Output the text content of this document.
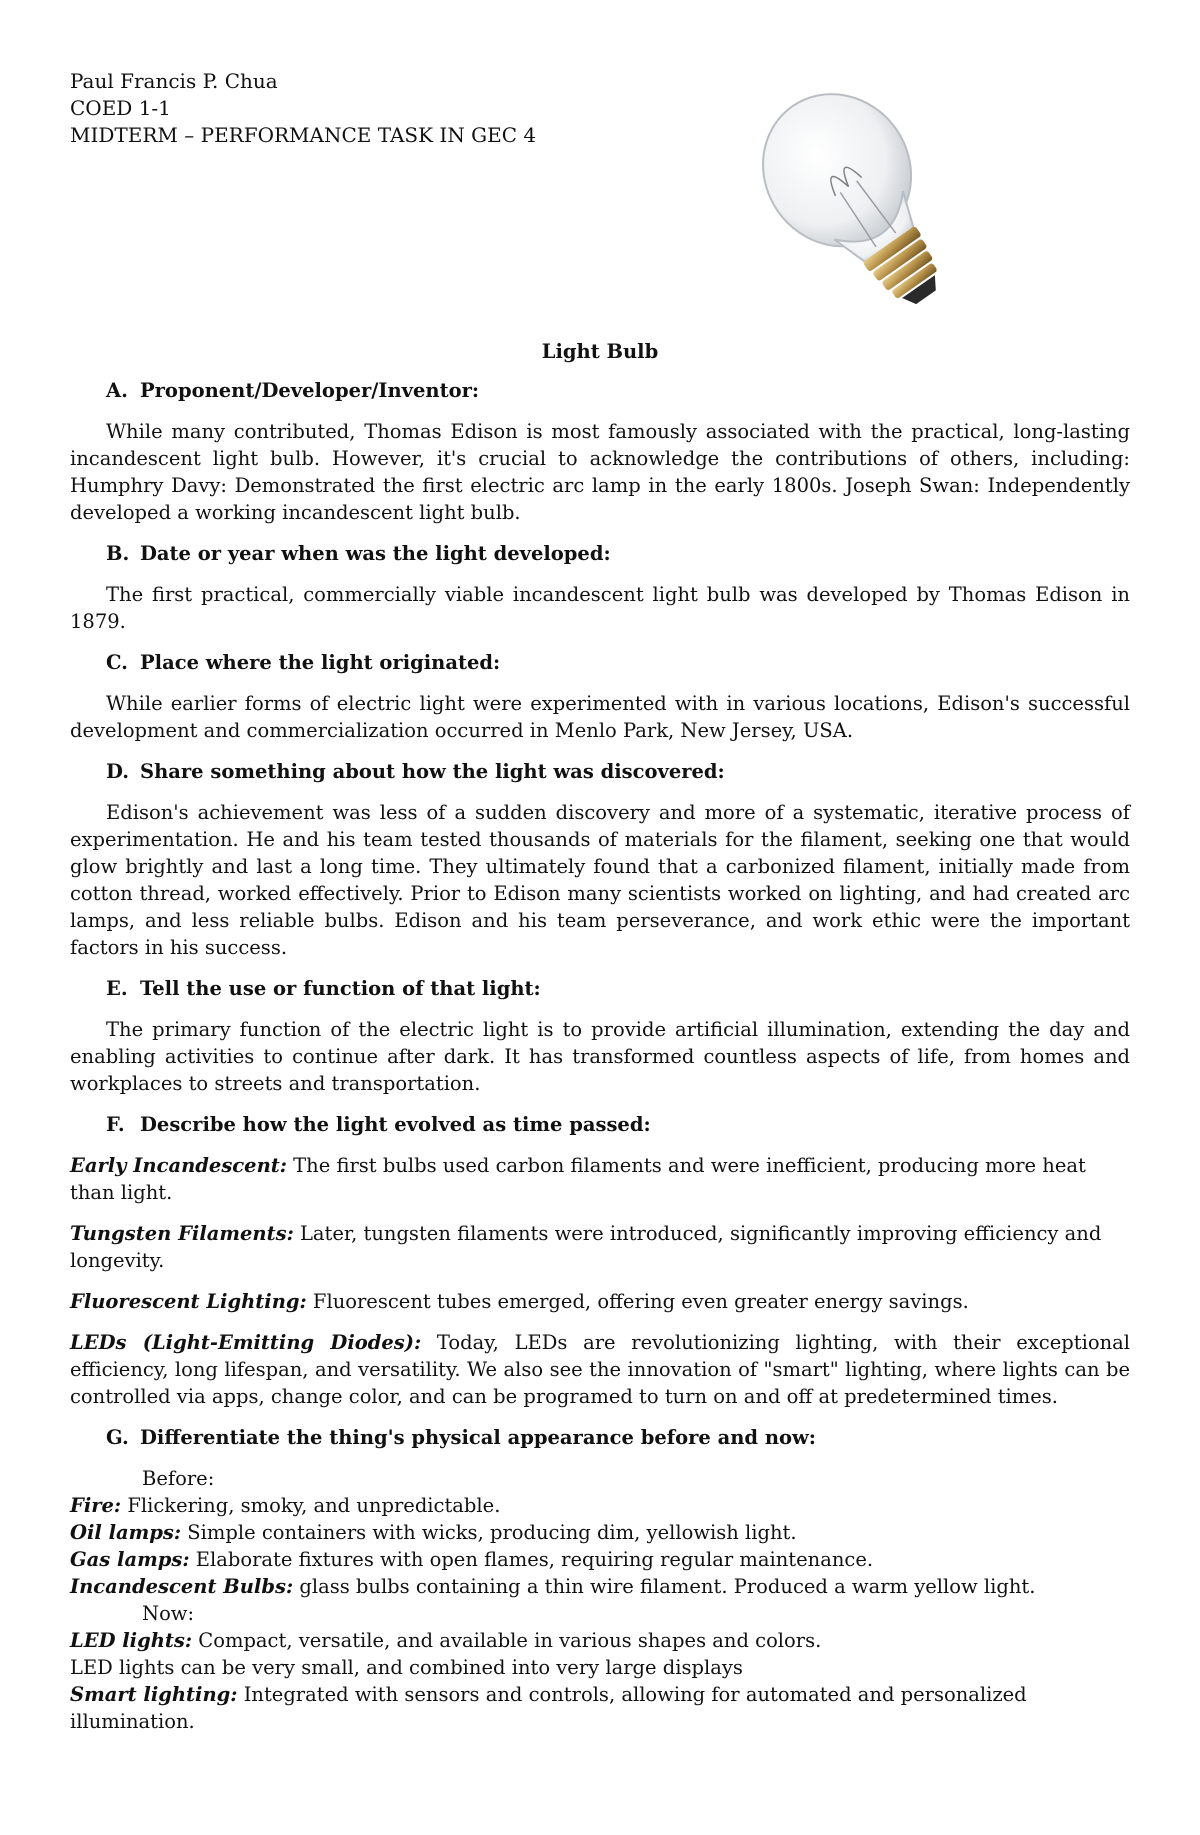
Paul Francis P. Chua
COED 1-1
MIDTERM – PERFORMANCE TASK IN GEC 4
Light Bulb
A. Proponent/Developer/Inventor:

While many contributed, Thomas Edison is most famously associated with the practical, long-lasting incandescent light bulb. However, it's crucial to acknowledge the contributions of others, including: Humphry Davy: Demonstrated the first electric arc lamp in the early 1800s. Joseph Swan: Independently developed a working incandescent light bulb.

B. Date or year when was the light developed:

The first practical, commercially viable incandescent light bulb was developed by Thomas Edison in 1879.

C. Place where the light originated:

While earlier forms of electric light were experimented with in various locations, Edison's successful development and commercialization occurred in Menlo Park, New Jersey, USA.

D. Share something about how the light was discovered:

Edison's achievement was less of a sudden discovery and more of a systematic, iterative process of experimentation. He and his team tested thousands of materials for the filament, seeking one that would glow brightly and last a long time. They ultimately found that a carbonized filament, initially made from cotton thread, worked effectively. Prior to Edison many scientists worked on lighting, and had created arc lamps, and less reliable bulbs. Edison and his team perseverance, and work ethic were the important factors in his success.

E. Tell the use or function of that light:

The primary function of the electric light is to provide artificial illumination, extending the day and enabling activities to continue after dark. It has transformed countless aspects of life, from homes and workplaces to streets and transportation.

F. Describe how the light evolved as time passed:

Early Incandescent: The first bulbs used carbon filaments and were inefficient, producing more heat than light.

Tungsten Filaments: Later, tungsten filaments were introduced, significantly improving efficiency and longevity.

Fluorescent Lighting: Fluorescent tubes emerged, offering even greater energy savings.

LEDs (Light-Emitting Diodes): Today, LEDs are revolutionizing lighting, with their exceptional efficiency, long lifespan, and versatility. We also see the innovation of "smart" lighting, where lights can be controlled via apps, change color, and can be programed to turn on and off at predetermined times.

G. Differentiate the thing's physical appearance before and now:

Before:

Fire: Flickering, smoky, and unpredictable.

Oil lamps: Simple containers with wicks, producing dim, yellowish light.

Gas lamps: Elaborate fixtures with open flames, requiring regular maintenance.

Incandescent Bulbs: glass bulbs containing a thin wire filament. Produced a warm yellow light.

Now:

LED lights: Compact, versatile, and available in various shapes and colors.

LED lights can be very small, and combined into very large displays

Smart lighting: Integrated with sensors and controls, allowing for automated and personalized illumination.
